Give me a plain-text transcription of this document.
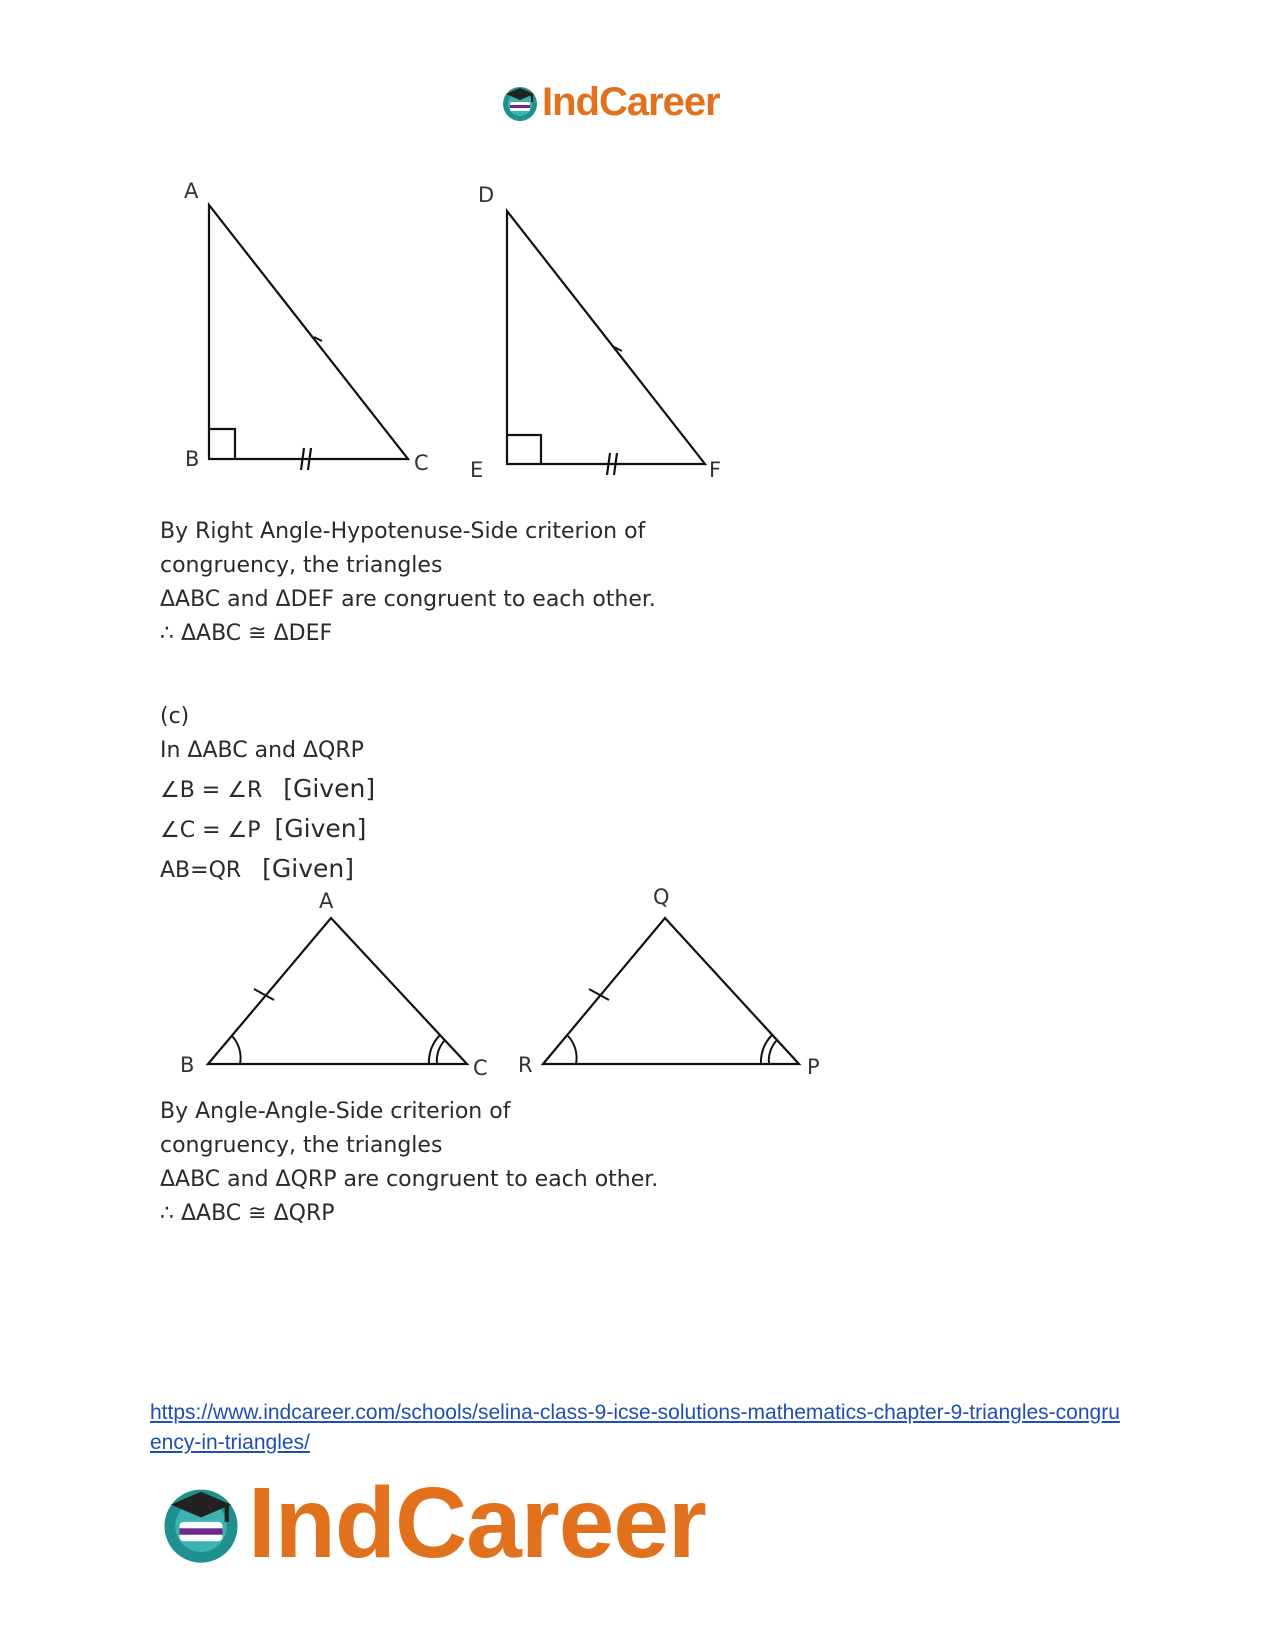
IndCareer
A
B	C
D
E	F

By Right Angle-Hypotenuse-Side criterion of

congruency, the triangles

ΔABC and ΔDEF are congruent to each other.

∴ ΔABC ≅ ΔDEF

(c)

In ΔABC and ΔQRP

∠B = ∠R [Given]

∠C = ∠P [Given]

AB=QR [Given]

A
B	C
Q
R	P

By Angle-Angle-Side criterion of

congruency, the triangles

ΔABC and ΔQRP are congruent to each other.

∴ ΔABC ≅ ΔQRP

https://www.indcareer.com/schools/selina-class-9-icse-solutions-mathematics-chapter-9-triangles-congruency-in-triangles/
IndCareer
